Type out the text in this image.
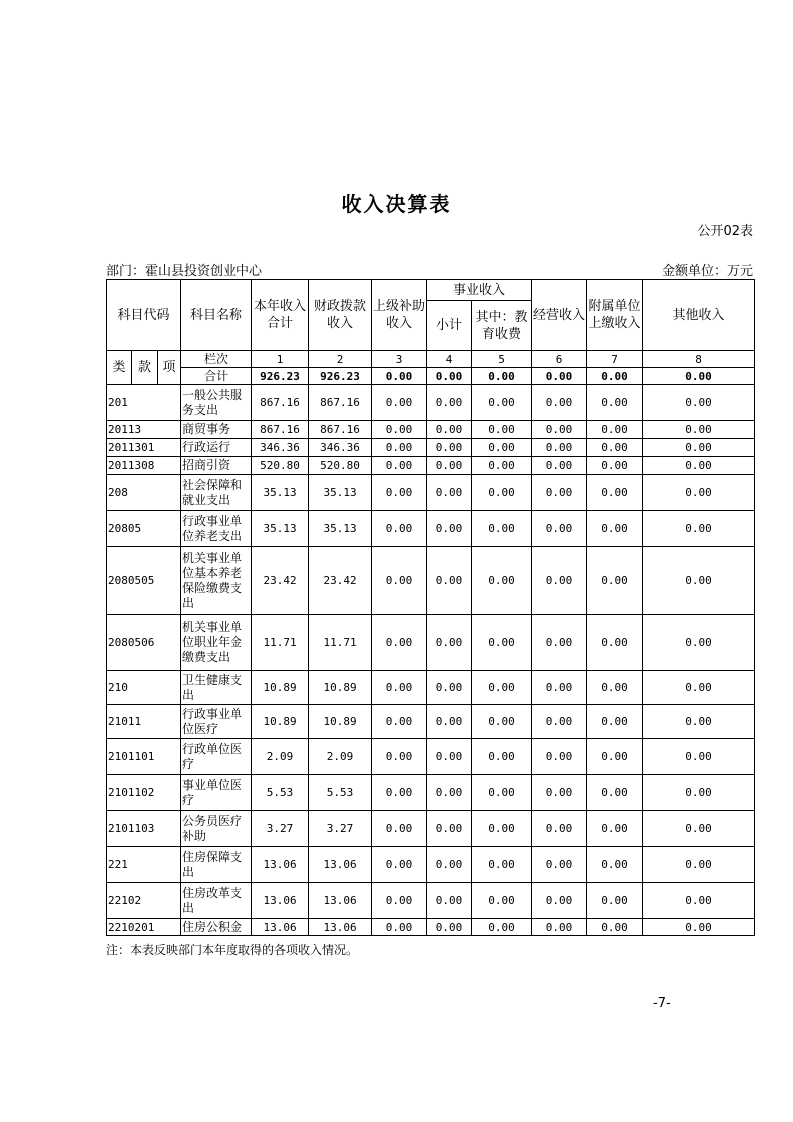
收入决算表
公开02表
部门：霍山县投资创业中心	金额单位：万元
科目代码			科目名称	本年收入合计	财政拨款收入	上级补助收入	事业收入		经营收入	附属单位上缴收入	其他收入
							小计	其中：教育收费			

类	款	项	栏次	1	2	3	4	5	6	7	8
			合计	926.23	926.23	0.00	0.00	0.00	0.00	0.00	0.00
201			一般公共服务支出	867.16	867.16	0.00	0.00	0.00	0.00	0.00	0.00
20113			商贸事务	867.16	867.16	0.00	0.00	0.00	0.00	0.00	0.00
2011301			行政运行	346.36	346.36	0.00	0.00	0.00	0.00	0.00	0.00
2011308			招商引资	520.80	520.80	0.00	0.00	0.00	0.00	0.00	0.00
208			社会保障和就业支出	35.13	35.13	0.00	0.00	0.00	0.00	0.00	0.00
20805			行政事业单位养老支出	35.13	35.13	0.00	0.00	0.00	0.00	0.00	0.00
2080505			机关事业单位基本养老保险缴费支出	23.42	23.42	0.00	0.00	0.00	0.00	0.00	0.00
2080506			机关事业单位职业年金缴费支出	11.71	11.71	0.00	0.00	0.00	0.00	0.00	0.00
210			卫生健康支出	10.89	10.89	0.00	0.00	0.00	0.00	0.00	0.00
21011			行政事业单位医疗	10.89	10.89	0.00	0.00	0.00	0.00	0.00	0.00
2101101			行政单位医疗	2.09	2.09	0.00	0.00	0.00	0.00	0.00	0.00
2101102			事业单位医疗	5.53	5.53	0.00	0.00	0.00	0.00	0.00	0.00
2101103			公务员医疗补助	3.27	3.27	0.00	0.00	0.00	0.00	0.00	0.00
221			住房保障支出	13.06	13.06	0.00	0.00	0.00	0.00	0.00	0.00
22102			住房改革支出	13.06	13.06	0.00	0.00	0.00	0.00	0.00	0.00
2210201			住房公积金	13.06	13.06	0.00	0.00	0.00	0.00	0.00	0.00
注：本表反映部门本年度取得的各项收入情况。
-7-
